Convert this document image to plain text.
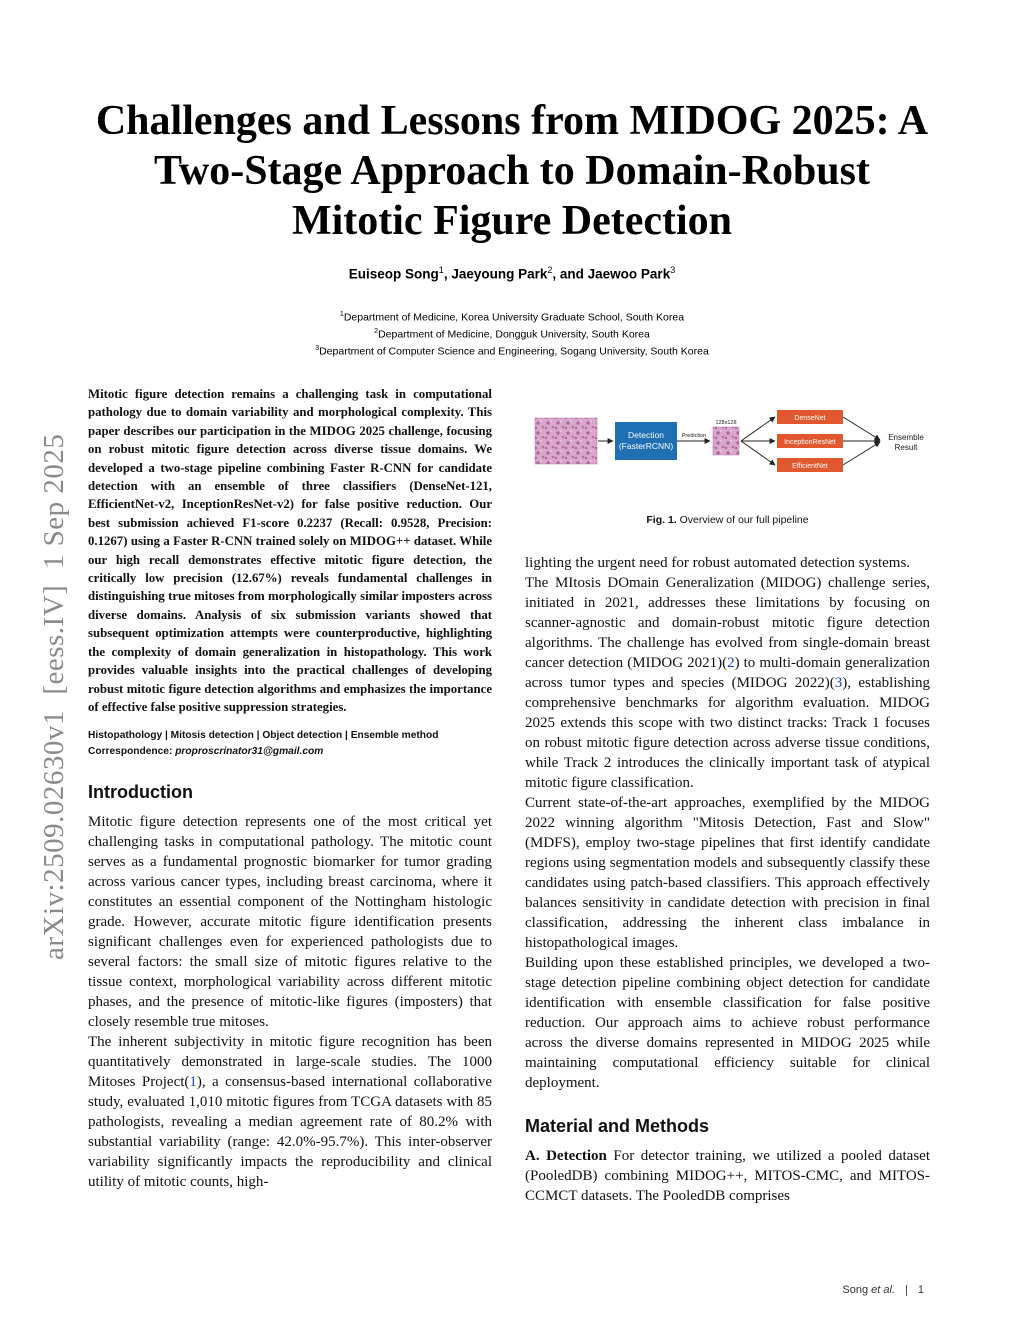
Challenges and Lessons from MIDOG 2025: A
Two-Stage Approach to Domain-Robust
Mitotic Figure Detection
Euiseop Song$^1$, Jaeyoung Park$^2$, and Jaewoo Park$^3$
$^1$Department of Medicine, Korea University Graduate School, South Korea
$^2$Department of Medicine, Dongguk University, South Korea
$^3$Department of Computer Science and Engineering, Sogang University, South Korea
arXiv:2509.02630v1  [eess.IV]  1 Sep 2025

Mitotic figure detection remains a challenging task in computational pathology due to domain variability and morphological complexity. This paper describes our participation in the MIDOG 2025 challenge, focusing on robust mitotic figure detection across diverse tissue domains. We developed a two-stage pipeline combining Faster R-CNN for candidate detection with an ensemble of three classifiers (DenseNet-121, EfficientNet-v2, InceptionResNet-v2) for false positive reduction. Our best submission achieved F1-score 0.2237 (Recall: 0.9528, Precision: 0.1267) using a Faster R-CNN trained solely on MIDOG++ dataset. While our high recall demonstrates effective mitotic figure detection, the critically low precision (12.67%) reveals fundamental challenges in distinguishing true mitoses from morphologically similar imposters across diverse domains. Analysis of six submission variants showed that subsequent optimization attempts were counterproductive, highlighting the complexity of domain generalization in histopathology. This work provides valuable insights into the practical challenges of developing robust mitotic figure detection algorithms and emphasizes the importance of effective false positive suppression strategies.

Histopathology | Mitosis detection | Object detection | Ensemble method
Correspondence: proproscrinator31@gmail.com
Introduction

Mitotic figure detection represents one of the most critical yet challenging tasks in computational pathology. The mitotic count serves as a fundamental prognostic biomarker for tumor grading across various cancer types, including breast carcinoma, where it constitutes an essential component of the Nottingham histologic grade. However, accurate mitotic figure identification presents significant challenges even for experienced pathologists due to several factors: the small size of mitotic figures relative to the tissue context, morphological variability across different mitotic phases, and the presence of mitotic-like figures (imposters) that closely resemble true mitoses.

The inherent subjectivity in mitotic figure recognition has been quantitatively demonstrated in large-scale studies. The 1000 Mitoses Project(1), a consensus-based international collaborative study, evaluated 1,010 mitotic figures from TCGA datasets with 85 pathologists, revealing a median agreement rate of 80.2% with substantial variability (range: 42.0%-95.7%). This inter-observer variability significantly impacts the reproducibility and clinical utility of mitotic counts, high-

Detection
(FasterRCNN)
Prediction
128x128
DenseNet
InceptionResNet
EfficientNet
Ensemble
Result
Fig. 1. Overview of our full pipeline

lighting the urgent need for robust automated detection systems.

The MItosis DOmain Generalization (MIDOG) challenge series, initiated in 2021, addresses these limitations by focusing on scanner-agnostic and domain-robust mitotic figure detection algorithms. The challenge has evolved from single-domain breast cancer detection (MIDOG 2021)(2) to multi-domain generalization across tumor types and species (MIDOG 2022)(3), establishing comprehensive benchmarks for algorithm evaluation. MIDOG 2025 extends this scope with two distinct tracks: Track 1 focuses on robust mitotic figure detection across adverse tissue conditions, while Track 2 introduces the clinically important task of atypical mitotic figure classification.

Current state-of-the-art approaches, exemplified by the MIDOG 2022 winning algorithm "Mitosis Detection, Fast and Slow" (MDFS), employ two-stage pipelines that first identify candidate regions using segmentation models and subsequently classify these candidates using patch-based classifiers. This approach effectively balances sensitivity in candidate detection with precision in final classification, addressing the inherent class imbalance in histopathological images.

Building upon these established principles, we developed a two-stage detection pipeline combining object detection for candidate identification with ensemble classification for false positive reduction. Our approach aims to achieve robust performance across the diverse domains represented in MIDOG 2025 while maintaining computational efficiency suitable for clinical deployment.

Material and Methods

A. Detection For detector training, we utilized a pooled dataset (PooledDB) combining MIDOG++, MITOS-CMC, and MITOS-CCMCT datasets. The PooledDB comprises

Song et al. | 1
